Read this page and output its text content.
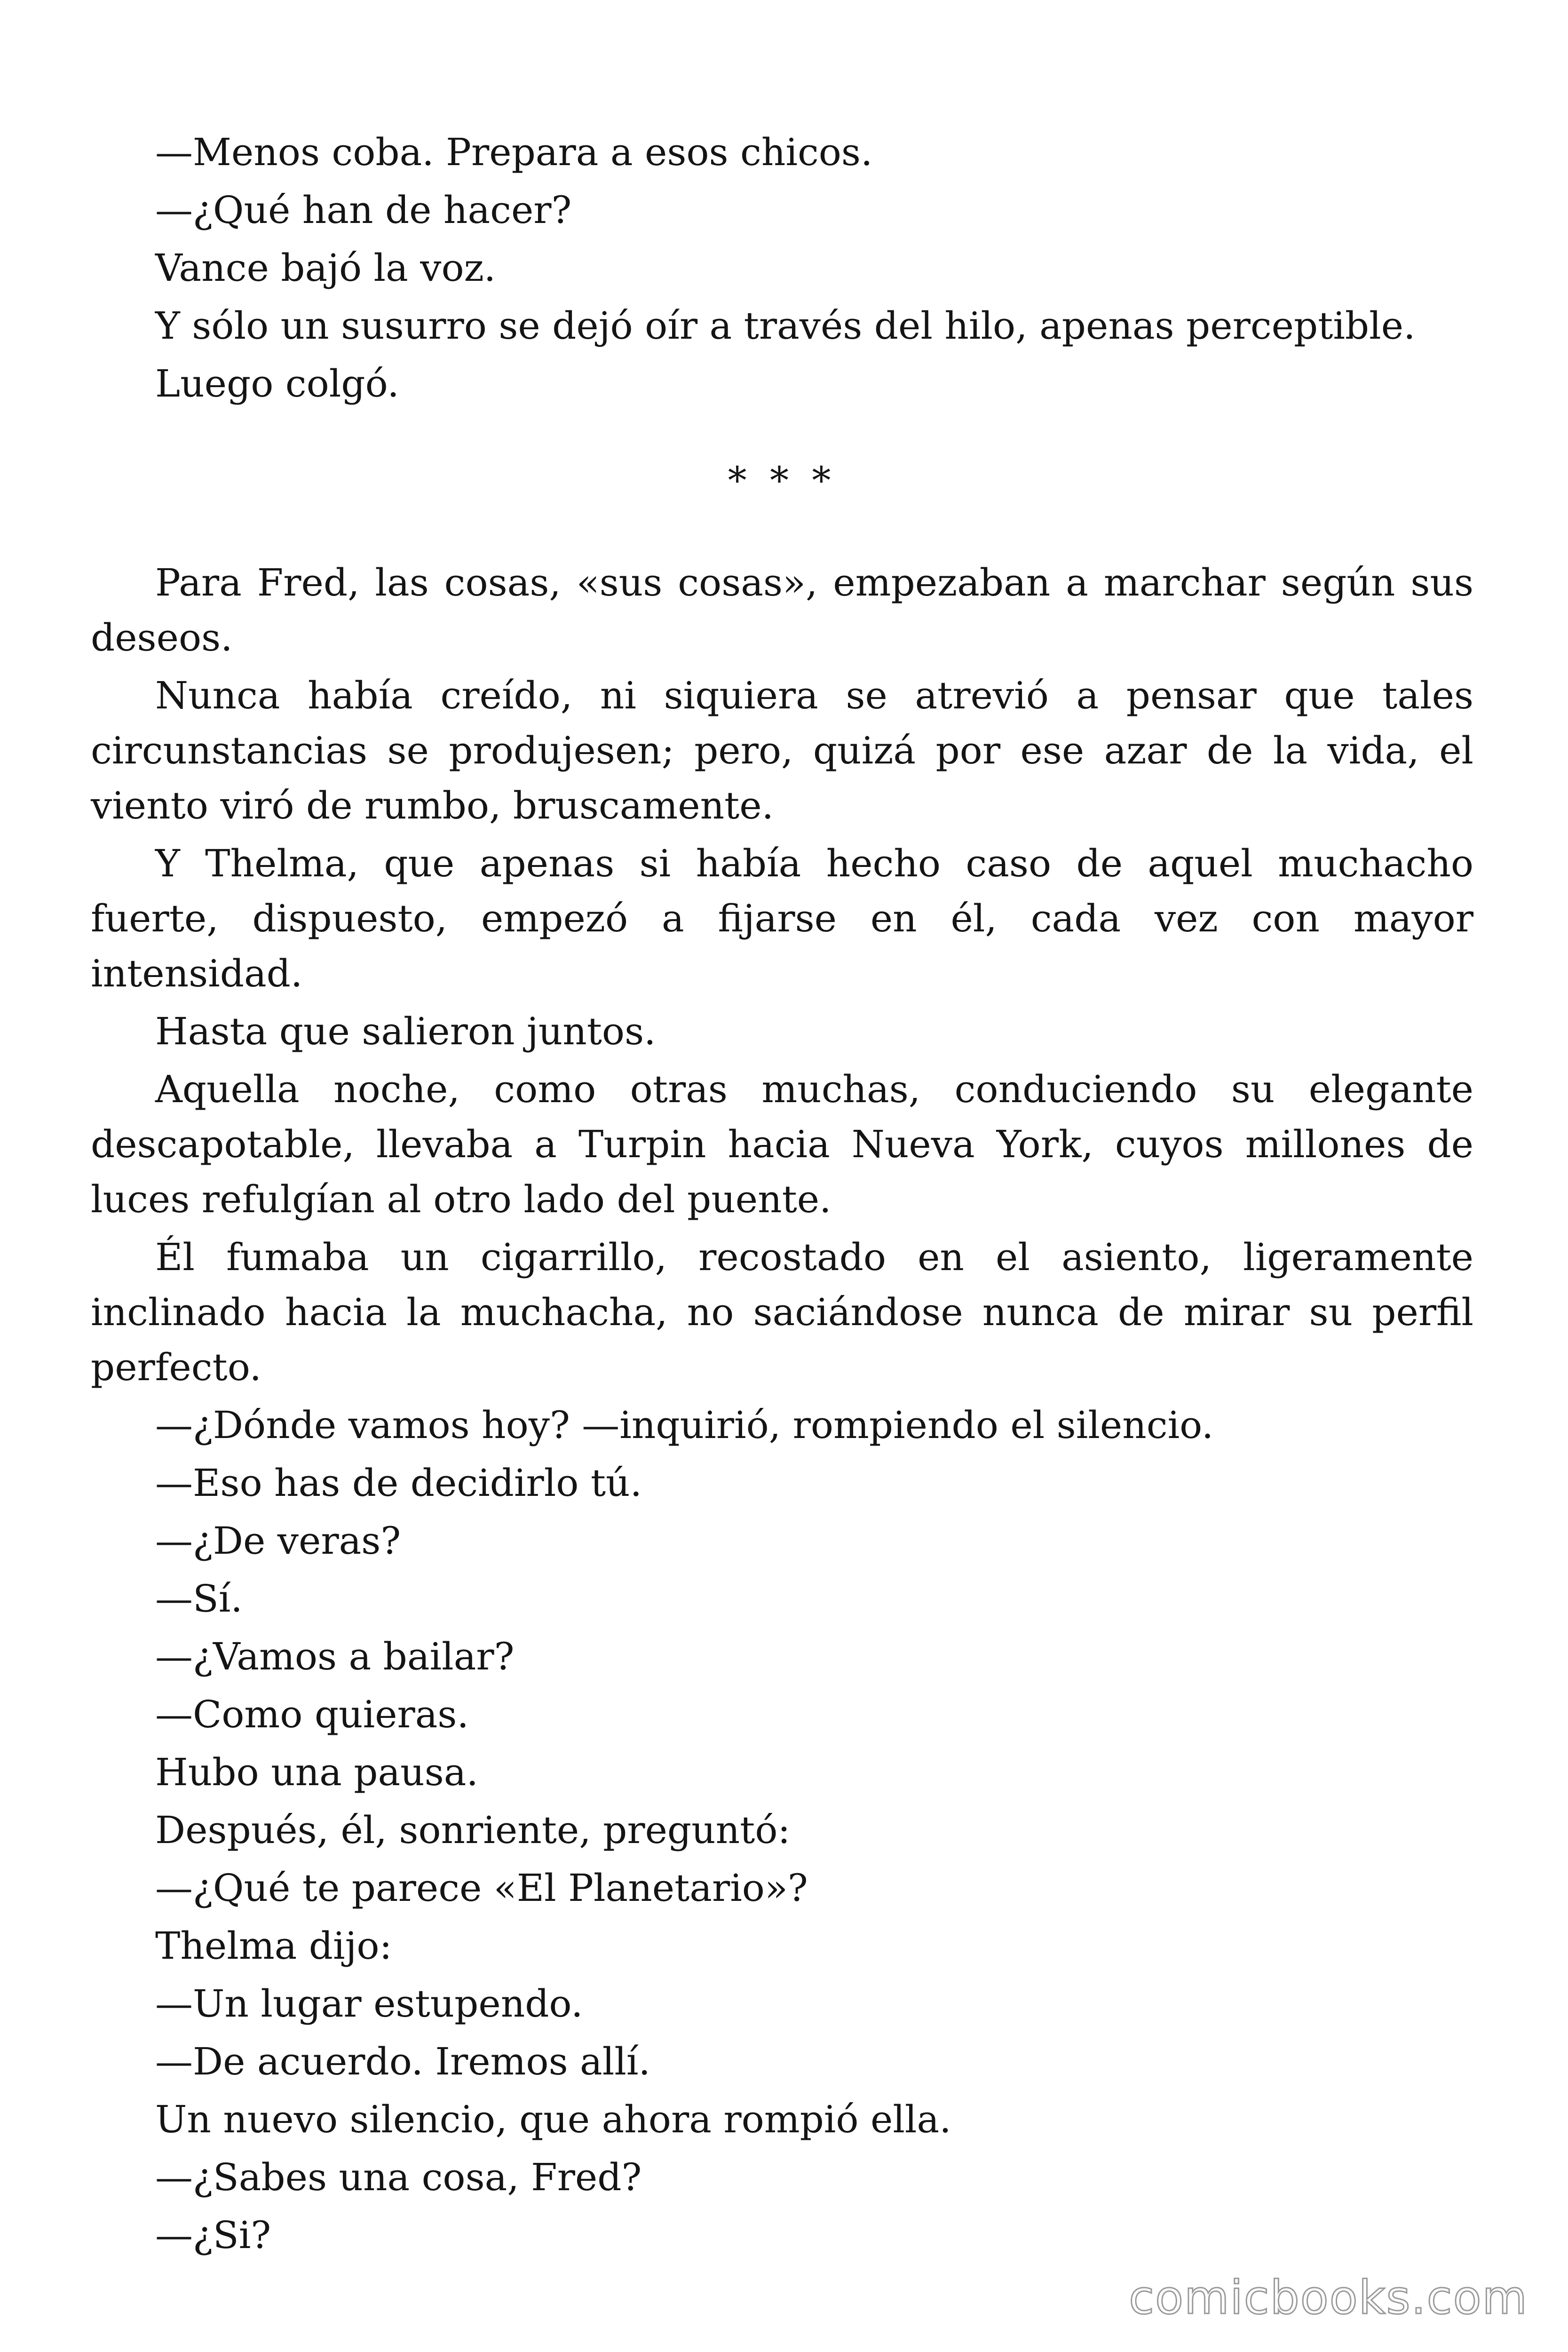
—Menos coba. Prepara a esos chicos.

—¿Qué han de hacer?

Vance bajó la voz.

Y sólo un susurro se dejó oír a través del hilo, apenas perceptible.

Luego colgó.

* * *

Para Fred, las cosas, «sus cosas», empezaban a marchar según sus deseos.

Nunca había creído, ni siquiera se atrevió a pensar que tales circunstancias se produjesen; pero, quizá por ese azar de la vida, el viento viró de rumbo, bruscamente.

Y Thelma, que apenas si había hecho caso de aquel muchacho fuerte, dispuesto, empezó a fijarse en él, cada vez con mayor intensidad.

Hasta que salieron juntos.

Aquella noche, como otras muchas, conduciendo su elegante descapotable, llevaba a Turpin hacia Nueva York, cuyos millones de luces refulgían al otro lado del puente.

Él fumaba un cigarrillo, recostado en el asiento, ligeramente inclinado hacia la muchacha, no saciándose nunca de mirar su perfil perfecto.

—¿Dónde vamos hoy? —inquirió, rompiendo el silencio.

—Eso has de decidirlo tú.

—¿De veras?

—Sí.

—¿Vamos a bailar?

—Como quieras.

Hubo una pausa.

Después, él, sonriente, preguntó:

—¿Qué te parece «El Planetario»?

Thelma dijo:

—Un lugar estupendo.

—De acuerdo. Iremos allí.

Un nuevo silencio, que ahora rompió ella.

—¿Sabes una cosa, Fred?

—¿Si?

comicbooks.com
